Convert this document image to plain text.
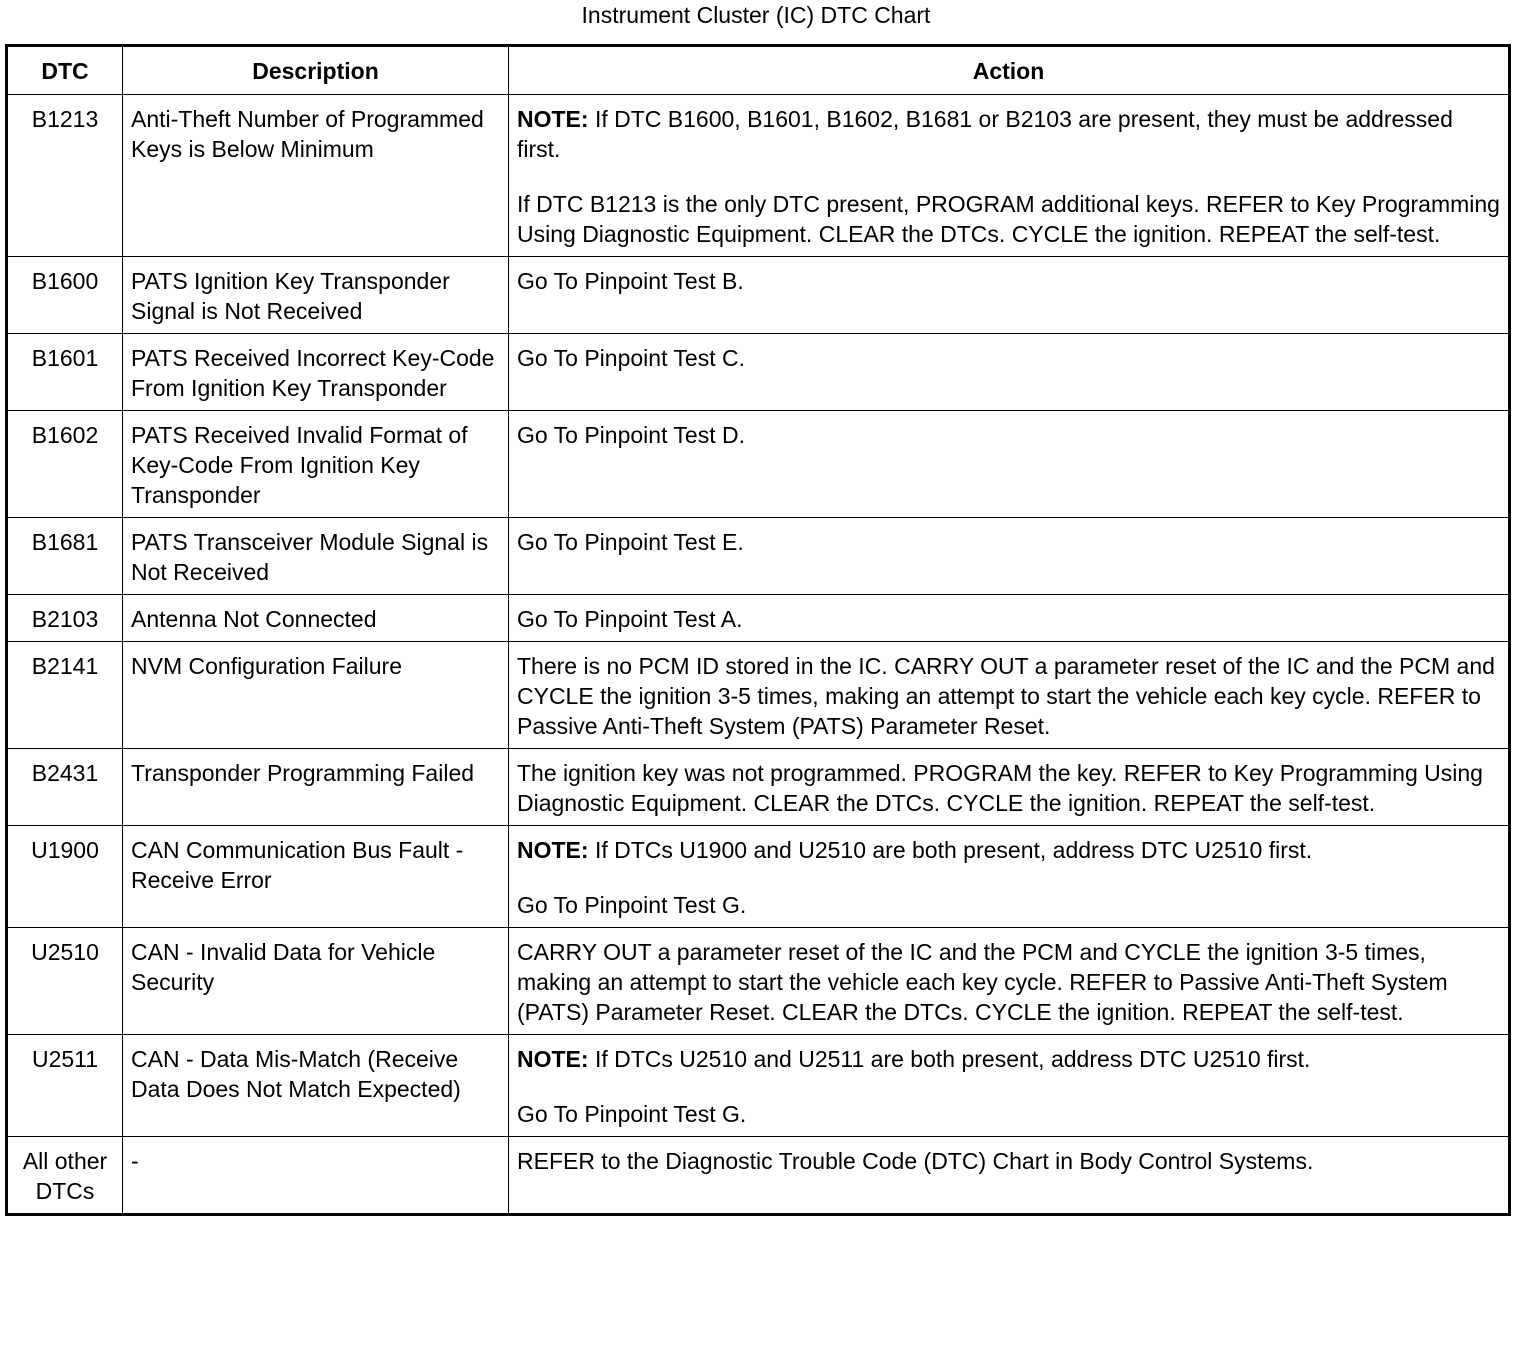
Instrument Cluster (IC) DTC Chart
DTC	Description	Action
B1213	Anti-Theft Number of Programmed Keys is Below Minimum	NOTE: If DTC B1600, B1601, B1602, B1681 or B2103 are present, they must be addressed first.

If DTC B1213 is the only DTC present, PROGRAM additional keys. REFER to Key Programming Using Diagnostic Equipment. CLEAR the DTCs. CYCLE the ignition. REPEAT the self-test.

B1600	PATS Ignition Key Transponder Signal is Not Received	Go To Pinpoint Test B.

B1601	PATS Received Incorrect Key-Code From Ignition Key Transponder	Go To Pinpoint Test C.

B1602	PATS Received Invalid Format of Key-Code From Ignition Key Transponder	Go To Pinpoint Test D.

B1681	PATS Transceiver Module Signal is Not Received	Go To Pinpoint Test E.

B2103	Antenna Not Connected	Go To Pinpoint Test A.

B2141	NVM Configuration Failure	There is no PCM ID stored in the IC. CARRY OUT a parameter reset of the IC and the PCM and CYCLE the ignition 3-5 times, making an attempt to start the vehicle each key cycle. REFER to Passive Anti-Theft System (PATS) Parameter Reset.

B2431	Transponder Programming Failed	The ignition key was not programmed. PROGRAM the key. REFER to Key Programming Using Diagnostic Equipment. CLEAR the DTCs. CYCLE the ignition. REPEAT the self-test.

U1900	CAN Communication Bus Fault - Receive Error	NOTE: If DTCs U1900 and U2510 are both present, address DTC U2510 first.

Go To Pinpoint Test G.

U2510	CAN - Invalid Data for Vehicle Security	CARRY OUT a parameter reset of the IC and the PCM and CYCLE the ignition 3-5 times, making an attempt to start the vehicle each key cycle. REFER to Passive Anti-Theft System (PATS) Parameter Reset. CLEAR the DTCs. CYCLE the ignition. REPEAT the self-test.

U2511	CAN - Data Mis-Match (Receive Data Does Not Match Expected)	NOTE: If DTCs U2510 and U2511 are both present, address DTC U2510 first.

Go To Pinpoint Test G.

All other DTCs	-	REFER to the Diagnostic Trouble Code (DTC) Chart in Body Control Systems.
